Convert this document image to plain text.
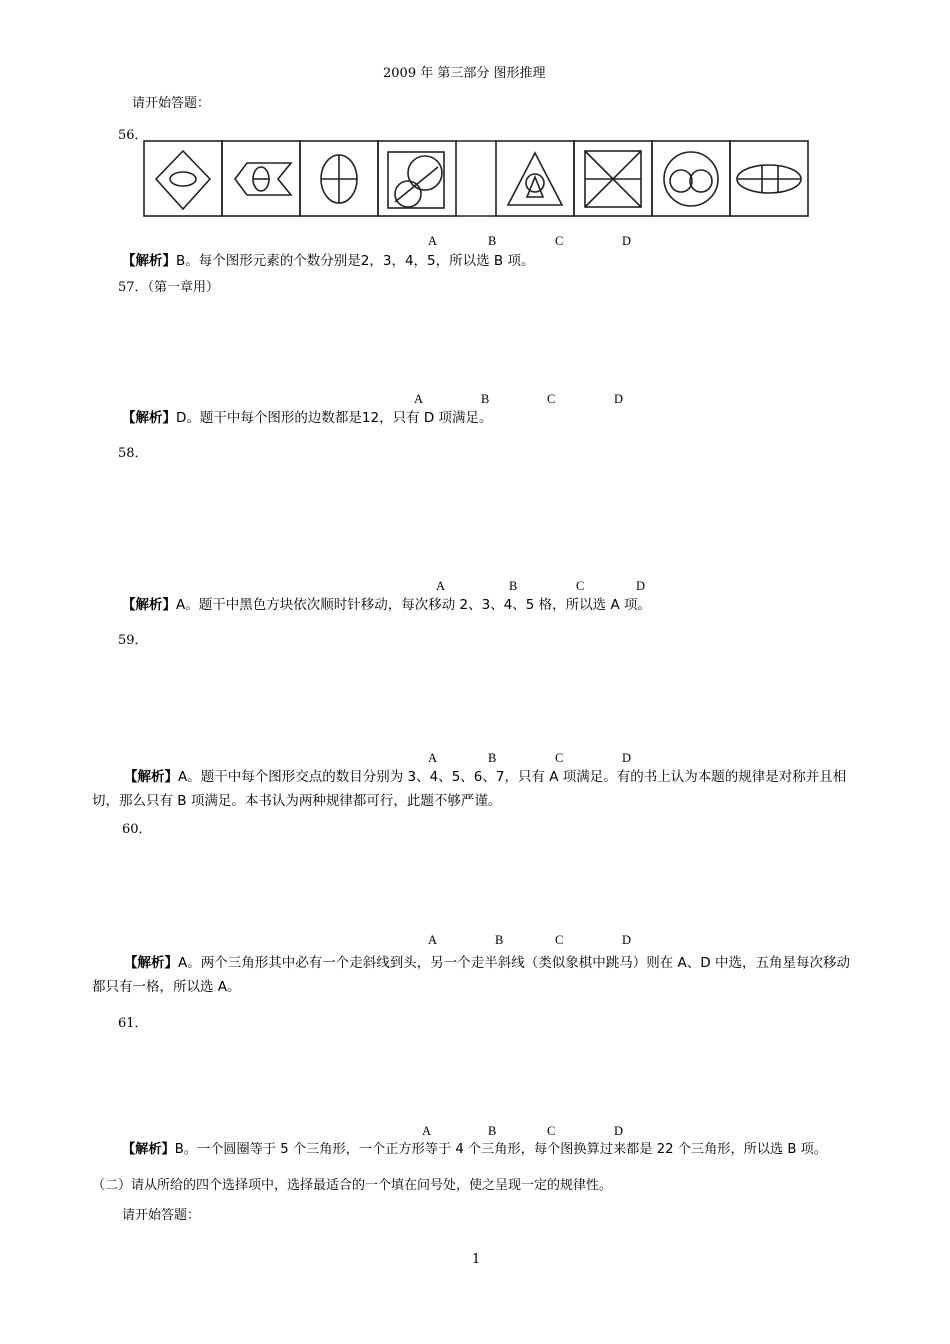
2009 年 第三部分 图形推理
请开始答题：
56．
A	B	C	D
【解析】B。每个图形元素的个数分别是2，3，4，5，所以选 B 项。
57．（第一章用）
A	B	C	D
【解析】D。题干中每个图形的边数都是12，只有 D 项满足。
58．
A	B	C	D
【解析】A。题干中黑色方块依次顺时针移动，每次移动 2、3、4、5 格，所以选 A 项。
59．
A	B	C	D
【解析】A。题干中每个图形交点的数目分别为 3、4、5、6、7，只有 A 项满足。有的书上认为本题的规律是对称并且相切，那么只有 B 项满足。本书认为两种规律都可行，此题不够严谨。
60．
A	B	C	D
【解析】A。两个三角形其中必有一个走斜线到头，另一个走半斜线（类似象棋中跳马）则在 A、D 中选，五角星每次移动都只有一格，所以选 A。
61．
A	B	C	D
【解析】B。一个圆圈等于 5 个三角形，一个正方形等于 4 个三角形，每个图换算过来都是 22 个三角形，所以选 B 项。
（二）请从所给的四个选择项中，选择最适合的一个填在问号处，使之呈现一定的规律性。
请开始答题：
1
